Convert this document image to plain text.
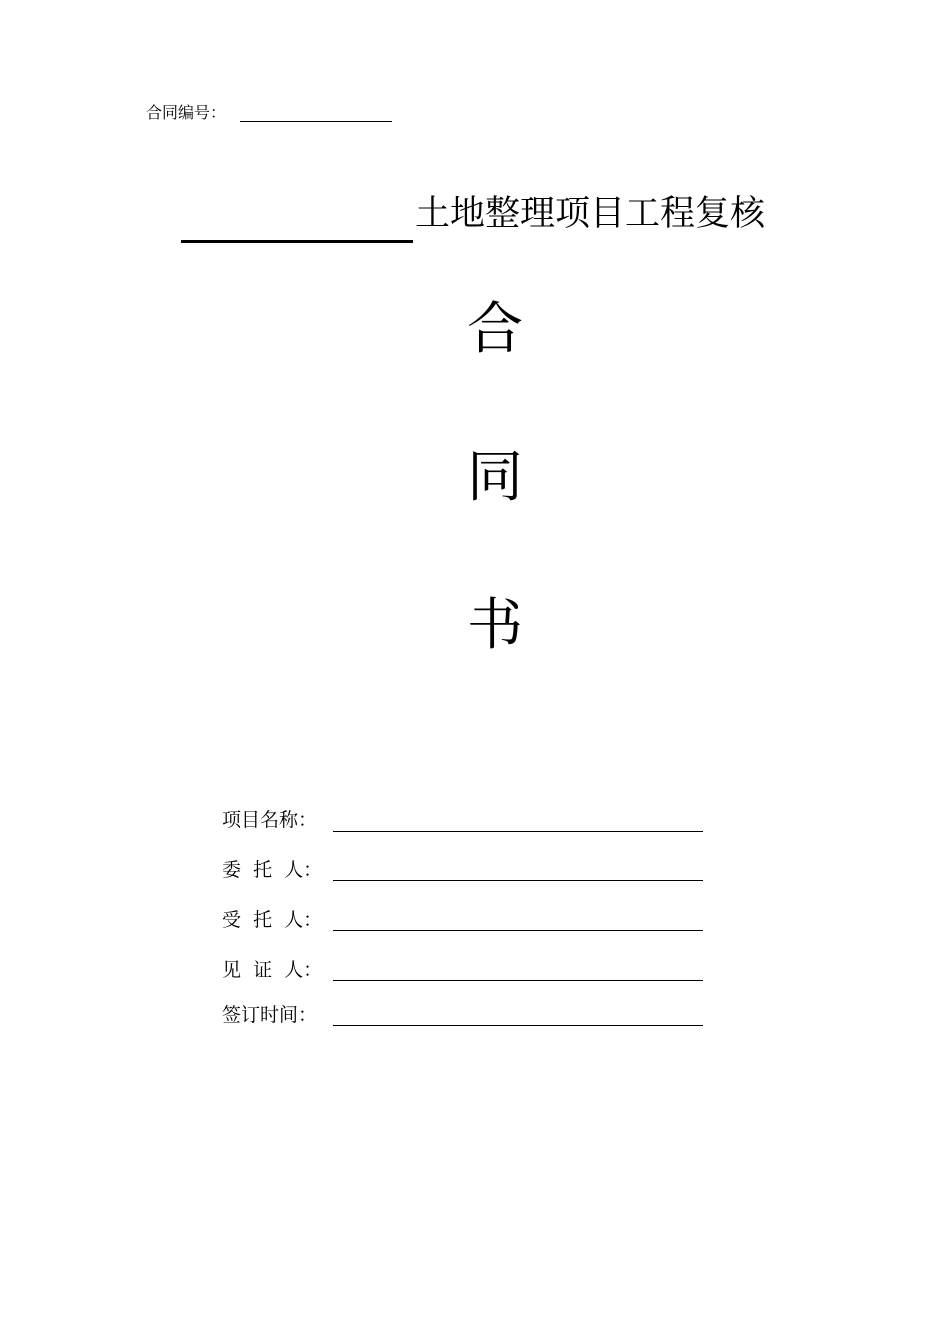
合同编号：
土地整理项目工程复核
合
同
书
项目名称：
委  托  人：
受  托  人：
见  证  人：
签订时间：
